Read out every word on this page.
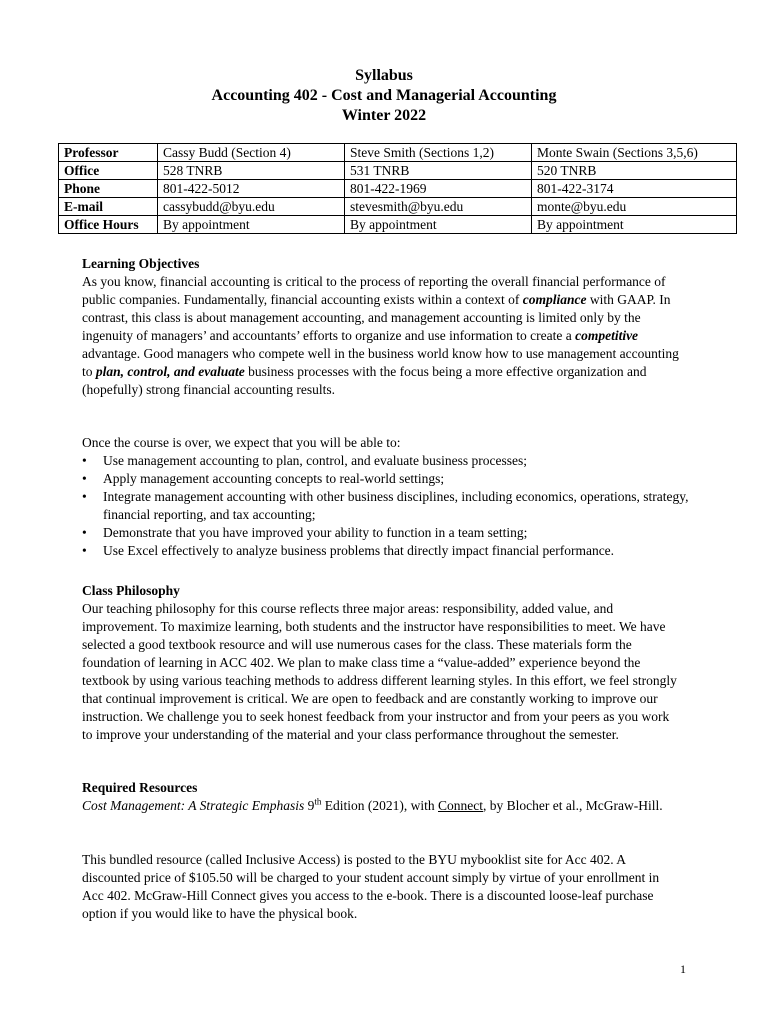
Syllabus
Accounting 402 - Cost and Managerial Accounting
Winter 2022
Professor	Cassy Budd (Section 4)	Steve Smith (Sections 1,2)	Monte Swain (Sections 3,5,6)
Office	528 TNRB	531 TNRB	520 TNRB
Phone	801-422-5012	801-422-1969	801-422-3174
E-mail	cassybudd@byu.edu	stevesmith@byu.edu	monte@byu.edu
Office Hours	By appointment	By appointment	By appointment

Learning Objectives

As you know, financial accounting is critical to the process of reporting the overall financial performance of public companies. Fundamentally, financial accounting exists within a context of compliance with GAAP. In contrast, this class is about management accounting, and management accounting is limited only by the ingenuity of managers’ and accountants’ efforts to organize and use information to create a competitive advantage. Good managers who compete well in the business world know how to use management accounting to plan, control, and evaluate business processes with the focus being a more effective organization and (hopefully) strong financial accounting results.

Once the course is over, we expect that you will be able to:

• Use management accounting to plan, control, and evaluate business processes;
• Apply management accounting concepts to real-world settings;
• Integrate management accounting with other business disciplines, including economics, operations, strategy, financial reporting, and tax accounting;
• Demonstrate that you have improved your ability to function in a team setting;
• Use Excel effectively to analyze business problems that directly impact financial performance.

Class Philosophy

Our teaching philosophy for this course reflects three major areas: responsibility, added value, and improvement. To maximize learning, both students and the instructor have responsibilities to meet. We have selected a good textbook resource and will use numerous cases for the class. These materials form the foundation of learning in ACC 402. We plan to make class time a “value-added” experience beyond the textbook by using various teaching methods to address different learning styles. In this effort, we feel strongly that continual improvement is critical. We are open to feedback and are constantly working to improve our instruction. We challenge you to seek honest feedback from your instructor and from your peers as you work to improve your understanding of the material and your class performance throughout the semester.

Required Resources

Cost Management: A Strategic Emphasis 9th Edition (2021), with Connect, by Blocher et al., McGraw-Hill.

This bundled resource (called Inclusive Access) is posted to the BYU mybooklist site for Acc 402. A discounted price of $105.50 will be charged to your student account simply by virtue of your enrollment in Acc 402. McGraw-Hill Connect gives you access to the e-book. There is a discounted loose-leaf purchase option if you would like to have the physical book.

1
